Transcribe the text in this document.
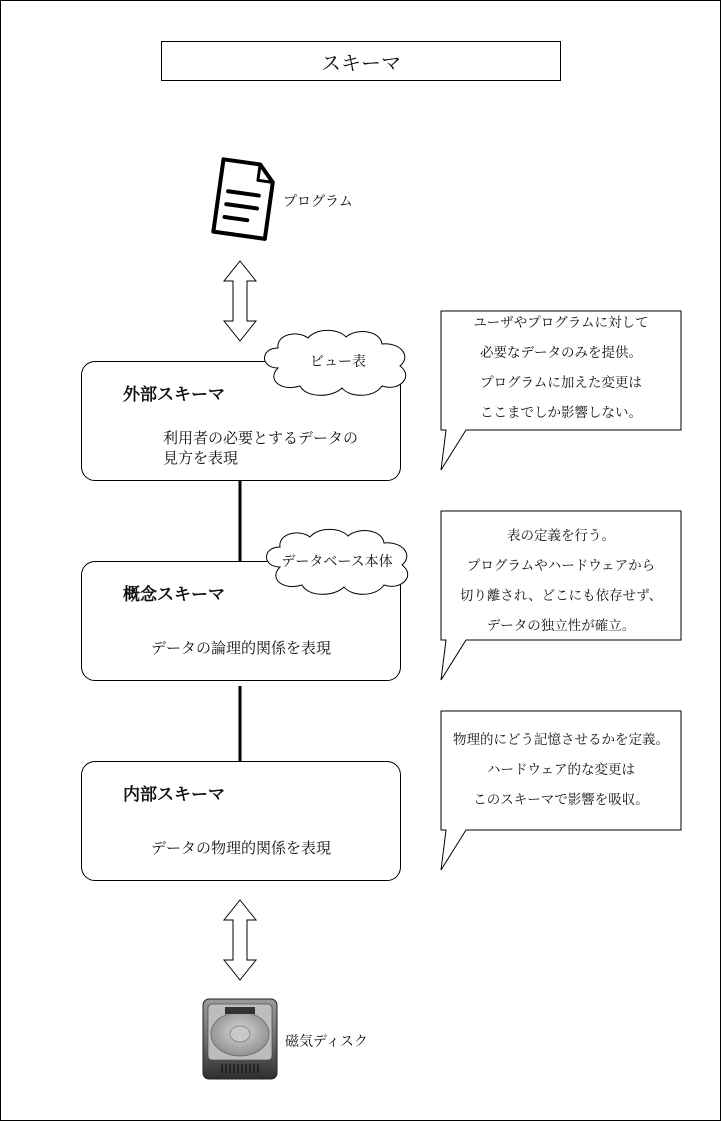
スキーマ
プログラム
外部スキーマ
利用者の必要とするデータの
見方を表現
概念スキーマ
データの論理的関係を表現
内部スキーマ
データの物理的関係を表現
ビュー表
データベース本体
ユーザやプログラムに対して
必要なデータのみを提供。
プログラムに加えた変更は
ここまでしか影響しない。
表の定義を行う。
プログラムやハードウェアから
切り離され、どこにも依存せず、
データの独立性が確立。
物理的にどう記憶させるかを定義。
ハードウェア的な変更は
このスキーマで影響を吸収。
磁気ディスク
